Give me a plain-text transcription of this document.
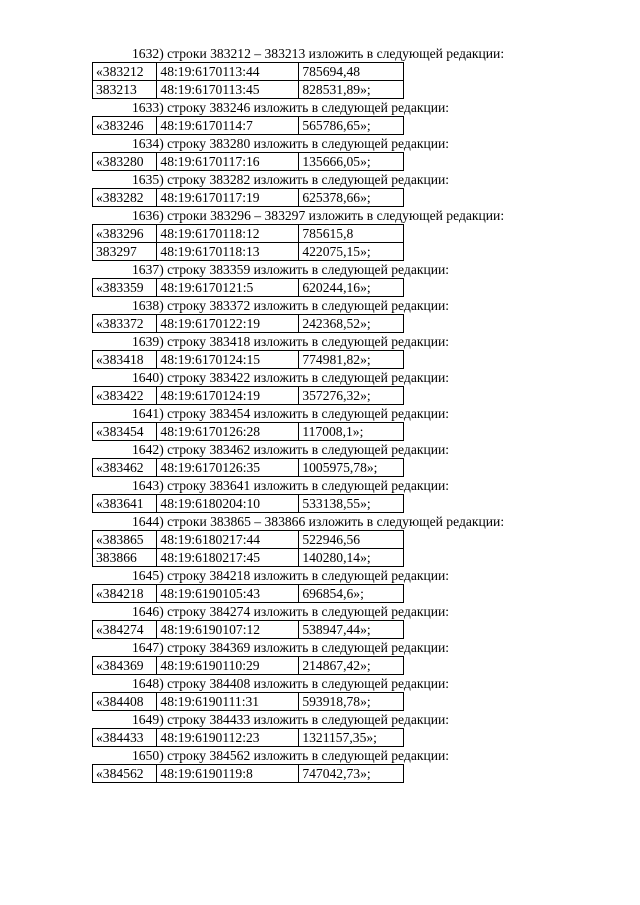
1632) строки 383212 – 383213 изложить в следующей редакции:
«383212	48:19:6170113:44	785694,48
383213	48:19:6170113:45	828531,89»;
1633) строку 383246 изложить в следующей редакции:
«383246	48:19:6170114:7	565786,65»;
1634) строку 383280 изложить в следующей редакции:
«383280	48:19:6170117:16	135666,05»;
1635) строку 383282 изложить в следующей редакции:
«383282	48:19:6170117:19	625378,66»;
1636) строки 383296 – 383297 изложить в следующей редакции:
«383296	48:19:6170118:12	785615,8
383297	48:19:6170118:13	422075,15»;
1637) строку 383359 изложить в следующей редакции:
«383359	48:19:6170121:5	620244,16»;
1638) строку 383372 изложить в следующей редакции:
«383372	48:19:6170122:19	242368,52»;
1639) строку 383418 изложить в следующей редакции:
«383418	48:19:6170124:15	774981,82»;
1640) строку 383422 изложить в следующей редакции:
«383422	48:19:6170124:19	357276,32»;
1641) строку 383454 изложить в следующей редакции:
«383454	48:19:6170126:28	117008,1»;
1642) строку 383462 изложить в следующей редакции:
«383462	48:19:6170126:35	1005975,78»;
1643) строку 383641 изложить в следующей редакции:
«383641	48:19:6180204:10	533138,55»;
1644) строки 383865 – 383866 изложить в следующей редакции:
«383865	48:19:6180217:44	522946,56
383866	48:19:6180217:45	140280,14»;
1645) строку 384218 изложить в следующей редакции:
«384218	48:19:6190105:43	696854,6»;
1646) строку 384274 изложить в следующей редакции:
«384274	48:19:6190107:12	538947,44»;
1647) строку 384369 изложить в следующей редакции:
«384369	48:19:6190110:29	214867,42»;
1648) строку 384408 изложить в следующей редакции:
«384408	48:19:6190111:31	593918,78»;
1649) строку 384433 изложить в следующей редакции:
«384433	48:19:6190112:23	1321157,35»;
1650) строку 384562 изложить в следующей редакции:
«384562	48:19:6190119:8	747042,73»;
